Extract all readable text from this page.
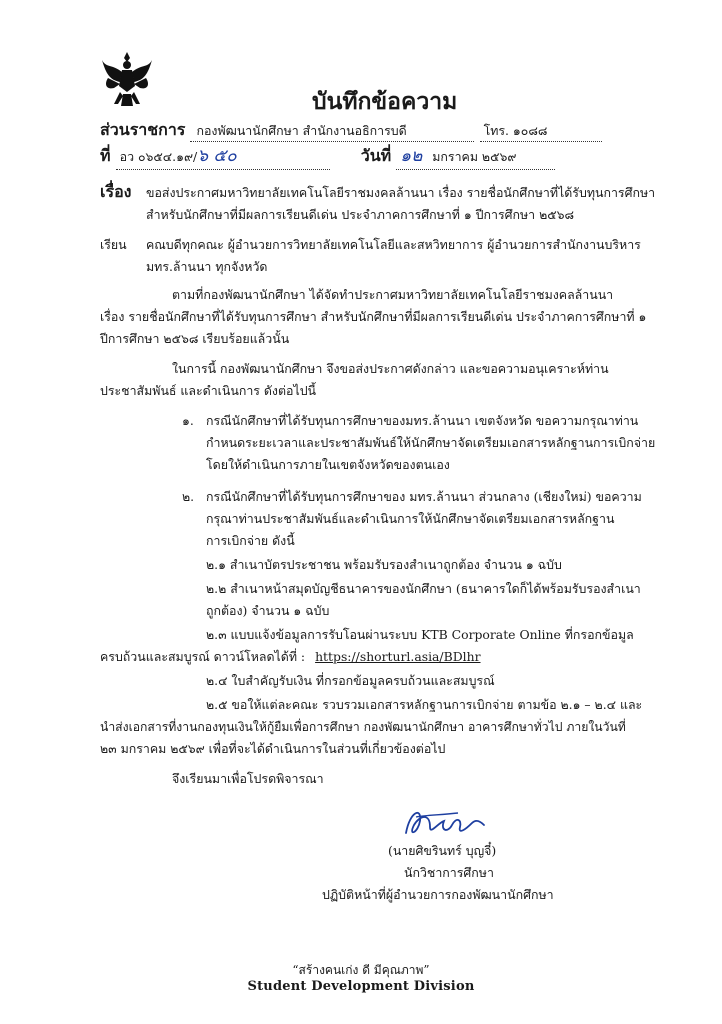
บันทึกข้อความ
ส่วนราชการ กองพัฒนานักศึกษา สำนักงานอธิการบดี	โทร. ๑๐๘๘
ที่ อว ๐๖๕๔.๑๙/๖ ๕๐	วันที่ ๑๒ มกราคม ๒๕๖๙
เรื่อง ขอส่งประกาศมหาวิทยาลัยเทคโนโลยีราชมงคลล้านนา เรื่อง รายชื่อนักศึกษาที่ได้รับทุนการศึกษา
สำหรับนักศึกษาที่มีผลการเรียนดีเด่น ประจำภาคการศึกษาที่ ๑ ปีการศึกษา ๒๕๖๘
เรียน คณบดีทุกคณะ ผู้อำนวยการวิทยาลัยเทคโนโลยีและสหวิทยาการ ผู้อำนวยการสำนักงานบริหาร
มทร.ล้านนา ทุกจังหวัด
ตามที่กองพัฒนานักศึกษา ได้จัดทำประกาศมหาวิทยาลัยเทคโนโลยีราชมงคลล้านนา
เรื่อง รายชื่อนักศึกษาที่ได้รับทุนการศึกษา สำหรับนักศึกษาที่มีผลการเรียนดีเด่น ประจำภาคการศึกษาที่ ๑
ปีการศึกษา ๒๕๖๘ เรียบร้อยแล้วนั้น
ในการนี้ กองพัฒนานักศึกษา จึงขอส่งประกาศดังกล่าว และขอความอนุเคราะห์ท่าน
ประชาสัมพันธ์ และดำเนินการ ดังต่อไปนี้
๑. กรณีนักศึกษาที่ได้รับทุนการศึกษาของมทร.ล้านนา เขตจังหวัด ขอความกรุณาท่าน
กำหนดระยะเวลาและประชาสัมพันธ์ให้นักศึกษาจัดเตรียมเอกสารหลักฐานการเบิกจ่าย
โดยให้ดำเนินการภายในเขตจังหวัดของตนเอง
๒. กรณีนักศึกษาที่ได้รับทุนการศึกษาของ มทร.ล้านนา ส่วนกลาง (เชียงใหม่) ขอความ
กรุณาท่านประชาสัมพันธ์และดำเนินการให้นักศึกษาจัดเตรียมเอกสารหลักฐาน
การเบิกจ่าย ดังนี้
๒.๑ สำเนาบัตรประชาชน พร้อมรับรองสำเนาถูกต้อง จำนวน ๑ ฉบับ
๒.๒ สำเนาหน้าสมุดบัญชีธนาคารของนักศึกษา (ธนาคารใดก็ได้พร้อมรับรองสำเนา
ถูกต้อง) จำนวน ๑ ฉบับ
๒.๓ แบบแจ้งข้อมูลการรับโอนผ่านระบบ KTB Corporate Online ที่กรอกข้อมูล
ครบถ้วนและสมบูรณ์ ดาวน์โหลดได้ที่ : https://shorturl.asia/BDlhr
๒.๔ ใบสำคัญรับเงิน ที่กรอกข้อมูลครบถ้วนและสมบูรณ์
๒.๕ ขอให้แต่ละคณะ รวบรวมเอกสารหลักฐานการเบิกจ่าย ตามข้อ ๒.๑ – ๒.๔ และ
นำส่งเอกสารที่งานกองทุนเงินให้กู้ยืมเพื่อการศึกษา กองพัฒนานักศึกษา อาคารศึกษาทั่วไป ภายในวันที่
๒๓ มกราคม ๒๕๖๙ เพื่อที่จะได้ดำเนินการในส่วนที่เกี่ยวข้องต่อไป
จึงเรียนมาเพื่อโปรดพิจารณา
(นายศิขรินทร์ บุญจี๋)
นักวิชาการศึกษา
ปฏิบัติหน้าที่ผู้อำนวยการกองพัฒนานักศึกษา
“สร้างคนเก่ง ดี มีคุณภาพ”
Student Development Division
